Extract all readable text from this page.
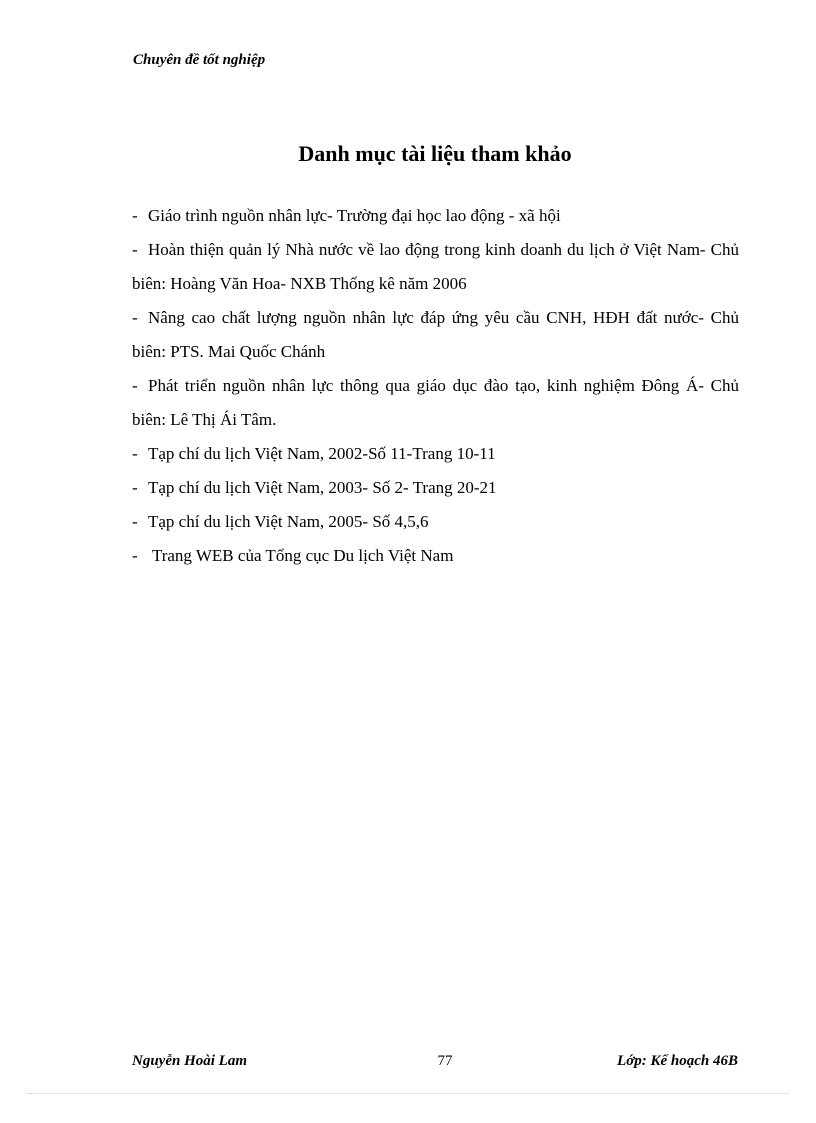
Chuyên đề tốt nghiệp
Danh mục tài liệu tham khảo
- Giáo trình nguồn nhân lực- Trường đại học lao động - xã hội
- Hoàn thiện quản lý Nhà nước về lao động trong kinh doanh du lịch ở Việt Nam- Chủ biên: Hoàng Văn Hoa- NXB Thống kê năm 2006
- Nâng cao chất lượng nguồn nhân lực đáp ứng yêu cầu CNH, HĐH đất nước- Chủ biên: PTS. Mai Quốc Chánh
- Phát triển nguồn nhân lực thông qua giáo dục đào tạo, kinh nghiệm Đông Á- Chủ biên: Lê Thị Ái Tâm.
- Tạp chí du lịch Việt Nam, 2002-Số 11-Trang 10-11
- Tạp chí du lịch Việt Nam, 2003- Số 2- Trang 20-21
- Tạp chí du lịch Việt Nam, 2005- Số 4,5,6
- Trang WEB của Tổng cục Du lịch Việt Nam
Nguyễn Hoài Lam	77	Lớp: Kế hoạch 46B
